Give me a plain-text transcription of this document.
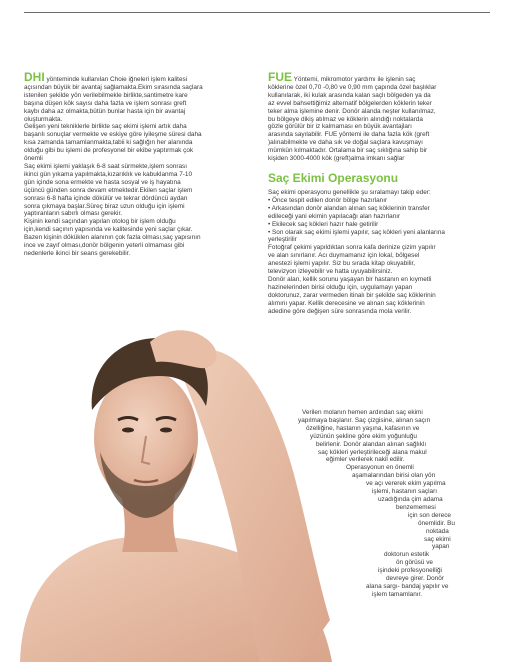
DHI yönteminde kullanılan Choie iğneleri işlem kalitesi
açısından büyük bir avantaj sağlamakta.Ekim sırasında saçlara
istenilen şekilde yön verilebilmekle birlikte,santimetre kare
başına düşen kök sayısı daha fazla ve işlem sonrası greft
kaybı daha az olmakta,bütün bunlar hasta için bir avantaj
oluşturmakta.
Gelişen yeni tekniklerle birlikte saç ekimi işlemi artık daha
başarılı sonuçlar vermekte ve eskiye göre iyileşme süresi daha
kısa zamanda tamamlanmakta,tabii ki sağlığın her alanında
olduğu gibi bu işlemi de profesyonel bir ekibe yaptırmak çok
önemli
Saç ekimi işlemi yaklaşık 6-8 saat sürmekte,işlem sonrası
ikinci gün yıkama yapılmakta,kızarıklık ve kabuklanma 7-10
gün içinde sona ermekte ve hasta sosyal ve iş hayatına
üçüncü günden sonra devam etmektedir.Ekilen saçlar işlem
sonrası 6-8 hafta içinde dökülür ve tekrar dördüncü aydan
sonra çıkmaya başlar.Süreç biraz uzun olduğu için işlemi
yaptıranların sabırlı olması gerekir.
Kişinin kendi saçından yapılan otolog bir işlem olduğu
için,kendi saçının yapısında ve kalitesinde yeni saçlar çıkar.
Bazen kişinin döküklen alanının çok fazla olması,saç yapısının
ince ve zayıf olması,donör bölgenin yeterli olmaması gibi
nedenlerle ikinci bir seans gerekebilir.

FUE Yöntemi, mikromotor yardımı ile işlenin saç
köklerine özel 0,70 -0,80 ve 0,90 mm çapında özel başlıklar
kullanılarak, iki kulak arasında kalan saçlı bölgeden ya da
az evvel bahsettiğimiz alternatif bölgelerden köklerin teker
teker alma işlemine denir. Donör alanda neşter kullanılmaz,
bu bölgeye dikiş atılmaz ve köklerin alındığı noktalarda
gözle görülür bir iz kalmaması en büyük avantajları
arasında sayılabilir. FUE yöntemi ile daha fazla kök (greft
)alınabilmekte ve daha sık ve doğal saçlara kavuşmayı
mümkün kılmaktadır. Ortalama bir saç sıklığına sahip bir
kişiden 3000-4000 kök (greft)alma imkanı sağlar

Saç Ekimi Operasyonu

Saç ekimi operasyonu genellikle şu sıralamayı takip eder:
• Önce tespit edilen donör bölge hazırlanır
• Arkasından donör alandan alınan saç köklerinin transfer
edileceği yani ekimin yapılacağı alan hazırlanır
• Ekilecek saç kökleri hazır hale getirilir
• Son olarak saç ekimi işlemi yapılır, saç kökleri yeni alanlarına
yerleştirilir
Fotoğraf çekimi yapıldıktan sonra kafa derinize çizim yapılır
ve alan sınırlanır. Acı duymamanız için lokal, bölgesel
anestezi işlemi yapılır. Siz bu sırada kitap okuyabilir,
televizyon izleyebilir ve hatta uyuyabilirsiniz.
Donör alan, kellik sorunu yaşayan bir hastanın en kıymetli
hazinelerinden birisi olduğu için, uygulamayı yapan
doktorunuz, zarar vermeden itinalı bir şekilde saç köklerinin
alımını yapar. Kellik derecesine ve alınan saç köklerinin
adedine göre değişen süre sonrasında mola verilir.

Verilen molanın hemen ardından saç ekimi
yapılmaya başlanır. Saç çizgisine, alınan saçın
özelliğine, hastanın yaşına, kafasının ve
yüzünün şekline göre ekim yoğunluğu
belirlenir. Donör alandan alınan sağlıklı
saç kökleri yerleştirileceği alana makul
eğimler verilerek nakil edilir.
Operasyonun en önemli
aşamalarından birisi olan yön
ve açı vererek ekim yapılma
işlemi, hastanın saçları
uzadığında çim adama
benzememesi
için son derece
önemlidir. Bu
noktada
saç ekimi
yapan
doktorun estetik
ön görüsü ve
işindeki profesyonelliği
devreye girer. Donör
alana sargı- bandaj yapılır ve
işlem tamamlanır.
